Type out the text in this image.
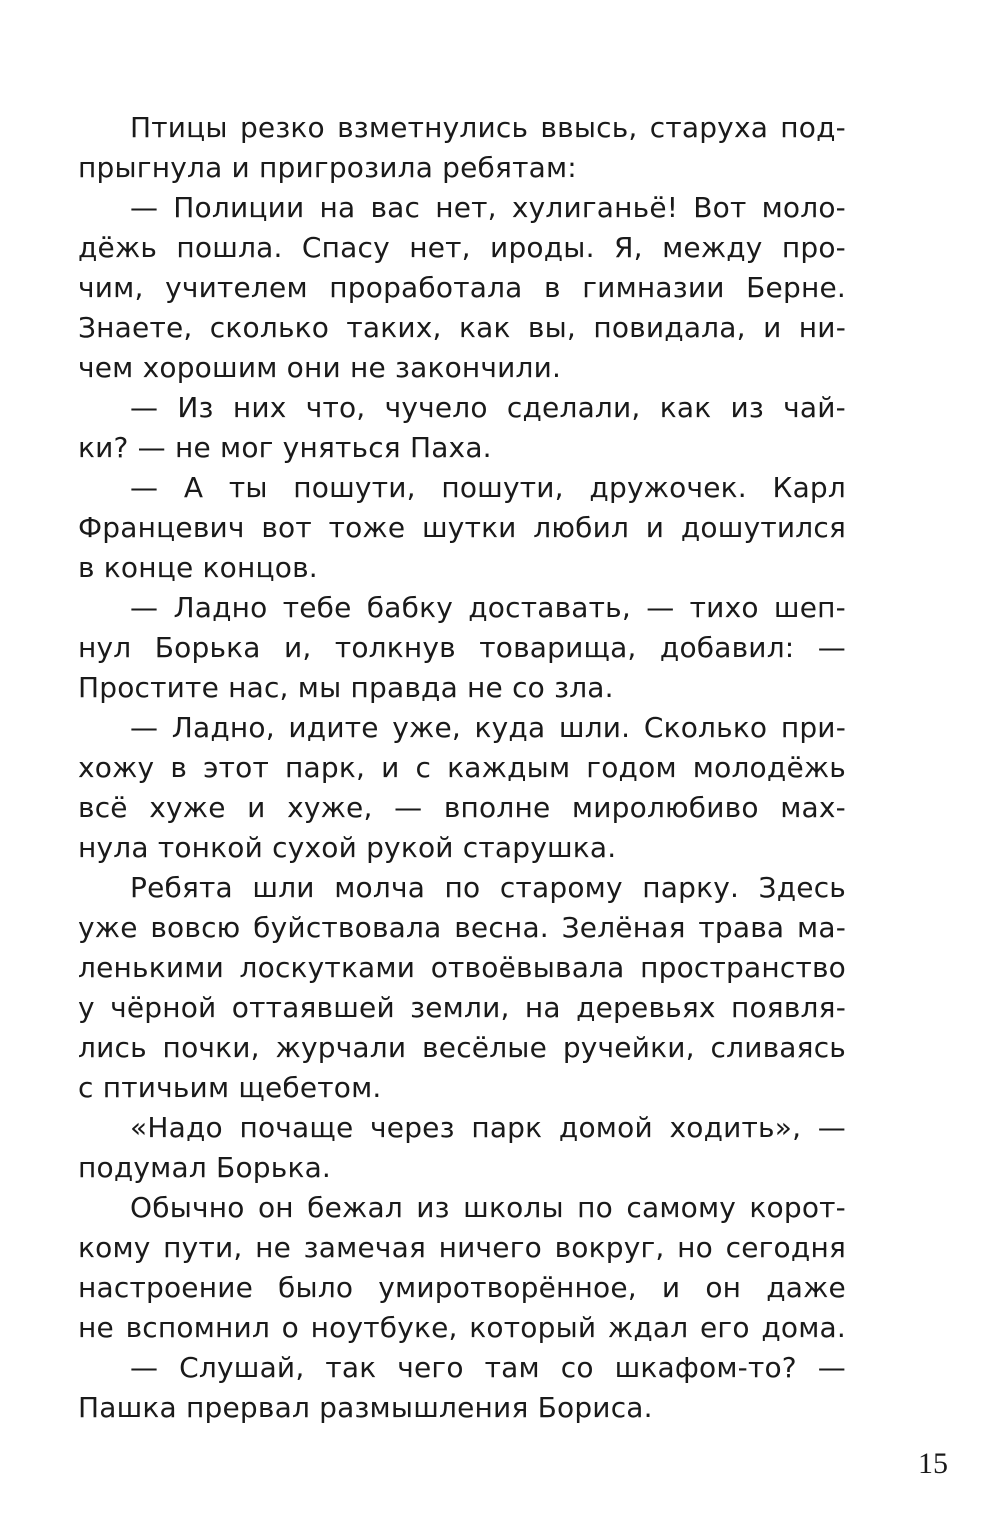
Птицы резко взметнулись ввысь, старуха под-
прыгнула и пригрозила ребятам:
— Полиции на вас нет, хулиганьё! Вот моло-
дёжь пошла. Спасу нет, ироды. Я, между про-
чим, учителем проработала в гимназии Берне.
Знаете, сколько таких, как вы, повидала, и ни-
чем хорошим они не закончили.
— Из них что, чучело сделали, как из чай-
ки? — не мог уняться Паха.
— А ты пошути, пошути, дружочек. Карл
Францевич вот тоже шутки любил и дошутился
в конце концов.
— Ладно тебе бабку доставать, — тихо шеп-
нул Борька и, толкнув товарища, добавил: —
Простите нас, мы правда не со зла.
— Ладно, идите уже, куда шли. Сколько при-
хожу в этот парк, и с каждым годом молодёжь
всё хуже и хуже, — вполне миролюбиво мах-
нула тонкой сухой рукой старушка.
Ребята шли молча по старому парку. Здесь
уже вовсю буйствовала весна. Зелёная трава ма-
ленькими лоскутками отвоёвывала пространство
у чёрной оттаявшей земли, на деревьях появля-
лись почки, журчали весёлые ручейки, сливаясь
с птичьим щебетом.
«Надо почаще через парк домой ходить», —
подумал Борька.
Обычно он бежал из школы по самому корот-
кому пути, не замечая ничего вокруг, но сегодня
настроение было умиротворённое, и он даже
не вспомнил о ноутбуке, который ждал его дома.
— Слушай, так чего там со шкафом-то? —
Пашка прервал размышления Бориса.
15
